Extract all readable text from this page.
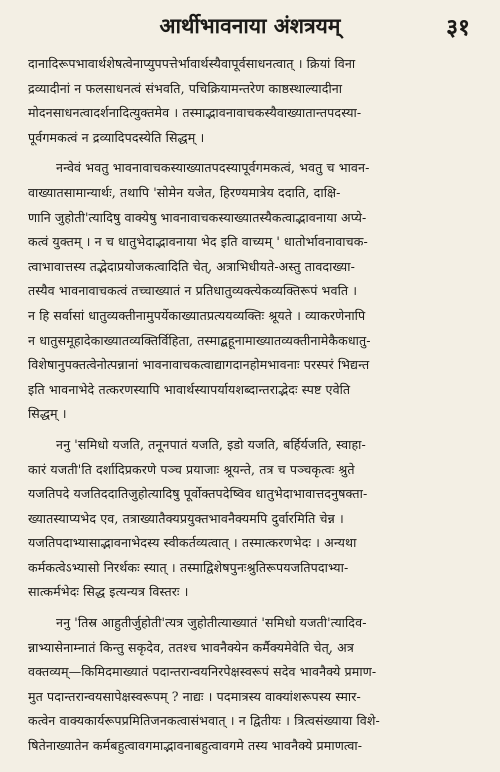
आर्थीभावनाया अंशत्रयम्	३१
दानादिरूपभावार्थशेषत्वेनाप्युपपत्तेर्भावार्थस्यैवापूर्वसाधनत्वात् । क्रियां विना
द्रव्यादीनां न फलसाधनत्वं संभवति, पचिक्रियामन्तरेण काष्ठस्थाल्यादीना
मोदनसाधनत्वादर्शनादित्युक्तमेव । तस्माद्भावनावाचकस्यैवाख्यातान्तपदस्या-
पूर्वगमकत्वं न द्रव्यादिपदस्येति सिद्धम् ।
नन्वेवं भवतु भावनावाचकस्याख्यातपदस्यापूर्वगमकत्वं, भवतु च भावन-
वाख्यातसामान्यार्थः, तथापि 'सोमेन यजेत, हिरण्यमात्रेय ददाति, दाक्षि-
णानि जुहोती'त्यादिषु वाक्येषु भावनावाचकस्याख्यातस्यैकत्वाद्भावनाया अप्ये-
कत्वं युक्तम् । न च धातुभेदाद्भावनाया भेद इति वाच्यम् ' धातोर्भावनावाचक-
त्वाभावात्तस्य तद्भेदाप्रयोजकत्वादिति चेत्, अत्राभिधीयते-अस्तु तावदाख्या-
तस्यैव भावनावाचकत्वं तच्चाख्यातं न प्रतिधातुव्यक्त्येकव्यक्तिरूपं भवति ।
न हि सर्वासां धातुव्यक्तीनामुपर्येकाख्यातप्रत्ययव्यक्तिः श्रूयते । व्याकरणेनापि
न धातुसमूहादेकाख्यातव्यक्तिर्विहिता, तस्माद्बहूनामाख्यातव्यक्तीनामेकैकधातु-
विशेषानुपक्तत्वेनोत्पन्नानां भावनावाचकत्वाद्यागदानहोमभावनाः परस्परं भिद्यन्त
इति भावनाभेदे तत्करणस्यापि भावार्थस्यापर्यायशब्दान्तराद्भेदः स्पष्ट एवेति
सिद्धम् ।
ननु 'समिधो यजति, तनूनपातं यजति, इडो यजति, बर्हिर्यजति, स्वाहा-
कारं यजती'ति दर्शादिप्रकरणे पञ्च प्रयाजाः श्रूयन्ते, तत्र च पञ्चकृत्वः श्रुते
यजतिपदे यजतिददातिजुहोत्यादिषु पूर्वोक्तपदेष्विव धातुभेदाभावात्तदनुषक्ता-
ख्यातस्याप्यभेद एव, तत्राख्यातैक्यप्रयुक्तभावनैक्यमपि दुर्वारमिति चेन्न ।
यजतिपदाभ्यासाद्भावनाभेदस्य स्वीकर्तव्यत्वात् । तस्मात्करणभेदः । अन्यथा
कर्मकत्वेऽभ्यासो निरर्थकः स्यात् । तस्माद्विशेषपुनःश्रुतिरूपयजतिपदाभ्या-
सात्कर्मभेदः सिद्ध इत्यन्यत्र विस्तरः ।
ननु 'तिस्र आहुतीर्जुहोती'त्यत्र जुहोतीत्याख्यातं 'समिधो यजती'त्यादिव-
न्नाभ्यासेनाम्नातं किन्तु सकृदेव, ततश्च भावनैक्येन कर्मैक्यमेवेति चेत्, अत्र
वक्तव्यम्—किमिदमाख्यातं पदान्तरान्वयनिरपेक्षस्वरूपं सदेव भावनैक्ये प्रमाण-
मुत पदान्तरान्वयसापेक्षस्वरूपम् ? नाद्यः । पदमात्रस्य वाक्यांशरूपस्य स्मार-
कत्वेन वाक्यकार्यरूपप्रमितिजनकत्वासंभवात् । न द्वितीयः । त्रित्वसंख्याया विशे-
षितेनाख्यातेन कर्मबहुत्वावगमाद्भावनाबहुत्वावगमे तस्य भावनैक्ये प्रमाणत्वा-
